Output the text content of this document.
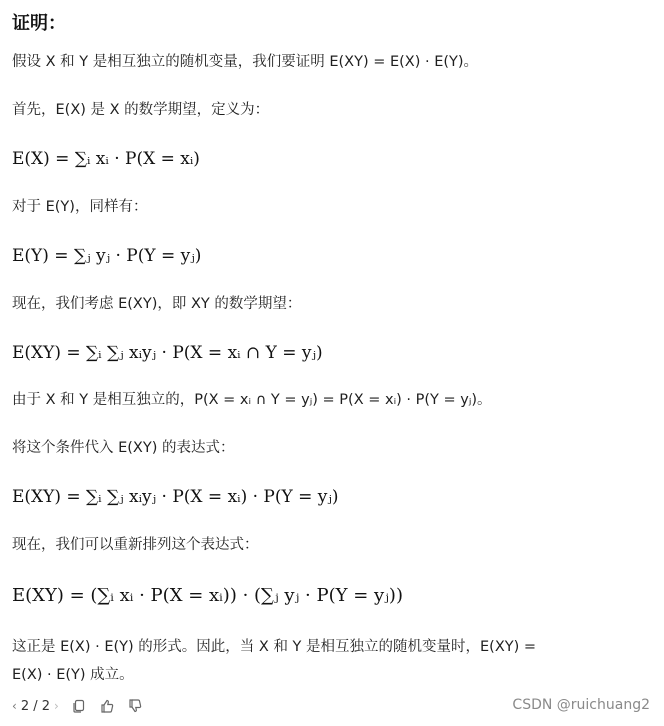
证明：
假设 X 和 Y 是相互独立的随机变量，我们要证明 E(XY) = E(X) · E(Y)。
首先，E(X) 是 X 的数学期望，定义为：
E(X) = ∑ᵢ xᵢ · P(X = xᵢ)
对于 E(Y)，同样有：
E(Y) = ∑ⱼ yⱼ · P(Y = yⱼ)
现在，我们考虑 E(XY)，即 XY 的数学期望：
E(XY) = ∑ᵢ ∑ⱼ xᵢyⱼ · P(X = xᵢ ∩ Y = yⱼ)
由于 X 和 Y 是相互独立的，P(X = xᵢ ∩ Y = yⱼ) = P(X = xᵢ) · P(Y = yⱼ)。
将这个条件代入 E(XY) 的表达式：
E(XY) = ∑ᵢ ∑ⱼ xᵢyⱼ · P(X = xᵢ) · P(Y = yⱼ)
现在，我们可以重新排列这个表达式：
E(XY) = (∑ᵢ xᵢ · P(X = xᵢ)) · (∑ⱼ yⱼ · P(Y = yⱼ))
这正是 E(X) · E(Y) 的形式。因此，当 X 和 Y 是相互独立的随机变量时，E(XY) =
E(X) · E(Y) 成立。
‹ 2 / 2 ›	CSDN @ruichuang2
